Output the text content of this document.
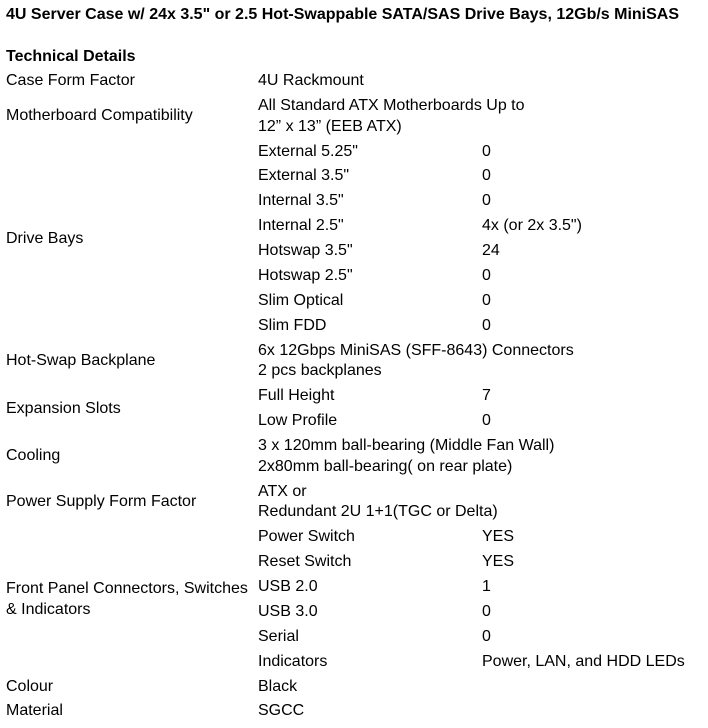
4U Server Case w/ 24x 3.5" or 2.5 Hot-Swappable SATA/SAS Drive Bays, 12Gb/s MiniSAS
Technical Details
Case Form Factor	4U Rackmount	
Motherboard Compatibility	All Standard ATX Motherboards Up to
12” x 13” (EEB ATX)	

Drive Bays	External 5.25"	0
	External 3.5"	0
	Internal 3.5"	0
	Internal 2.5"	4x (or 2x 3.5")
	Hotswap 3.5"	24
	Hotswap 2.5"	0
	Slim Optical	0
	Slim FDD	0
Hot-Swap Backplane	6x 12Gbps MiniSAS (SFF-8643) Connectors
2 pcs backplanes	

Expansion Slots	Full Height	7
	Low Profile	0
Cooling	3 x 120mm ball-bearing (Middle Fan Wall)
2x80mm ball-bearing( on rear plate)	

Power Supply Form Factor	ATX or
Redundant 2U 1+1(TGC or Delta)	

Front Panel Connectors, Switches
& Indicators	Power Switch	YES
	Reset Switch	YES
	USB 2.0	1
	USB 3.0	0
	Serial	0
	Indicators	Power, LAN, and HDD LEDs
Colour	Black	
Material	SGCC	
